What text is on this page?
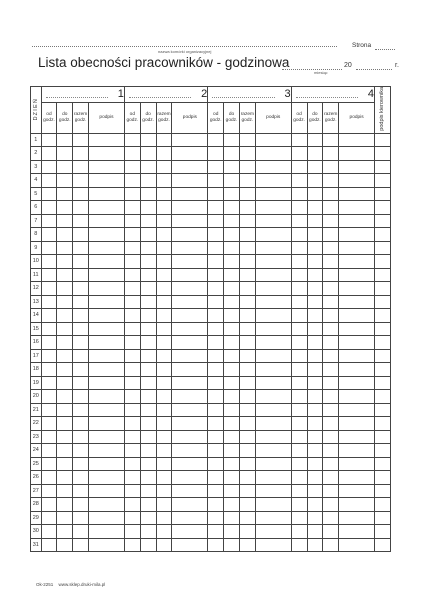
nazwa komórki organizacyjnej
Strona
Lista obecności pracowników - godzinowa
miesiąc
20	r.
DZIEŃ	1				2				3				4				podpis kierownika
	od godz.	do godz.	razem godz.	podpis	od godz.	do godz.	razem godz.	podpis	od godz.	do godz.	razem godz.	podpis	od godz.	do godz.	razem godz.	podpis	
1																	
2																	
3																	
4																	
5																	
6																	
7																	
8																	
9																	
10																	
11																	
12																	
13																	
14																	
15																	
16																	
17																	
18																	
19																	
20																	
21																	
22																	
23																	
24																	
25																	
26																	
27																	
28																	
29																	
30																	
31																	
Ok-2251 www.sklep.druki-mila.pl
